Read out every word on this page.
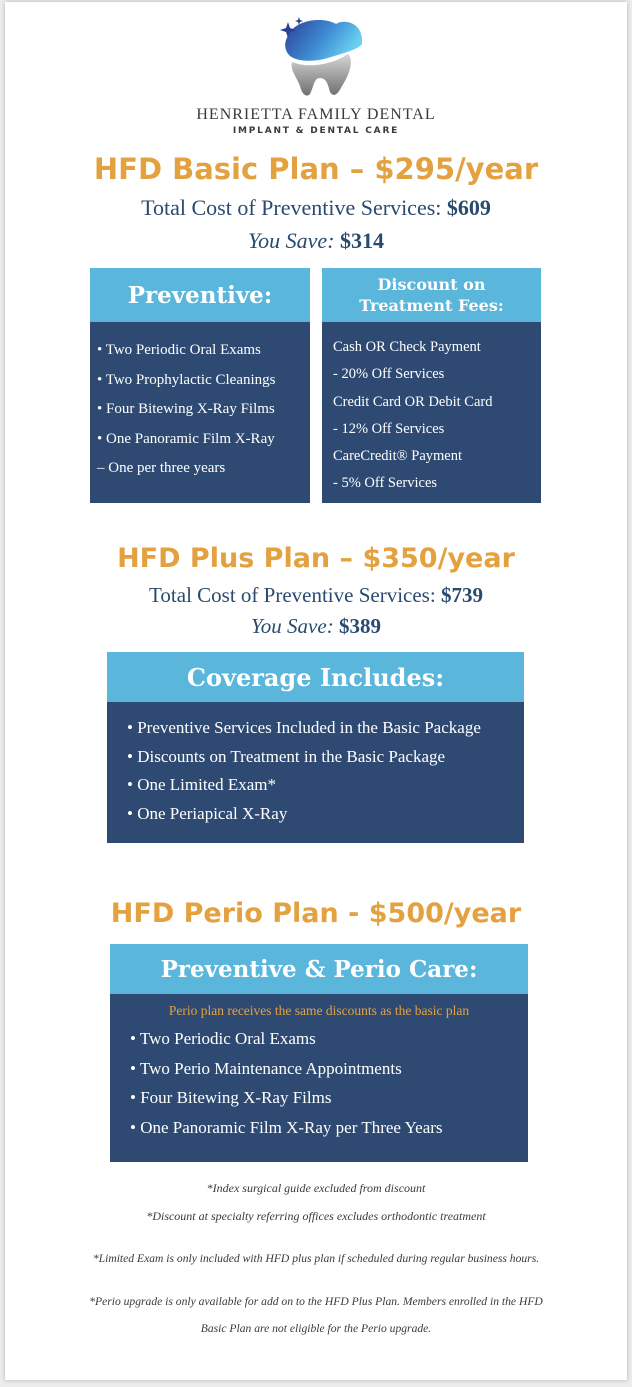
HENRIETTA FAMILY DENTAL
IMPLANT & DENTAL CARE
HFD Basic Plan – $295/year
Total Cost of Preventive Services: $609
You Save: $314
Preventive:
• Two Periodic Oral Exams
• Two Prophylactic Cleanings
• Four Bitewing X-Ray Films
• One Panoramic Film X-Ray
– One per three years
Discount on
Treatment Fees:
Cash OR Check Payment
- 20% Off Services
Credit Card OR Debit Card
- 12% Off Services
CareCredit® Payment
- 5% Off Services
HFD Plus Plan – $350/year
Total Cost of Preventive Services: $739
You Save: $389
Coverage Includes:
• Preventive Services Included in the Basic Package
• Discounts on Treatment in the Basic Package
• One Limited Exam*
• One Periapical X-Ray
HFD Perio Plan - $500/year
Preventive & Perio Care:
Perio plan receives the same discounts as the basic plan
• Two Periodic Oral Exams
• Two Perio Maintenance Appointments
• Four Bitewing X-Ray Films
• One Panoramic Film X-Ray per Three Years
*Index surgical guide excluded from discount
*Discount at specialty referring offices excludes orthodontic treatment
*Limited Exam is only included with HFD plus plan if scheduled during regular business hours.
*Perio upgrade is only available for add on to the HFD Plus Plan. Members enrolled in the HFD
Basic Plan are not eligible for the Perio upgrade.
